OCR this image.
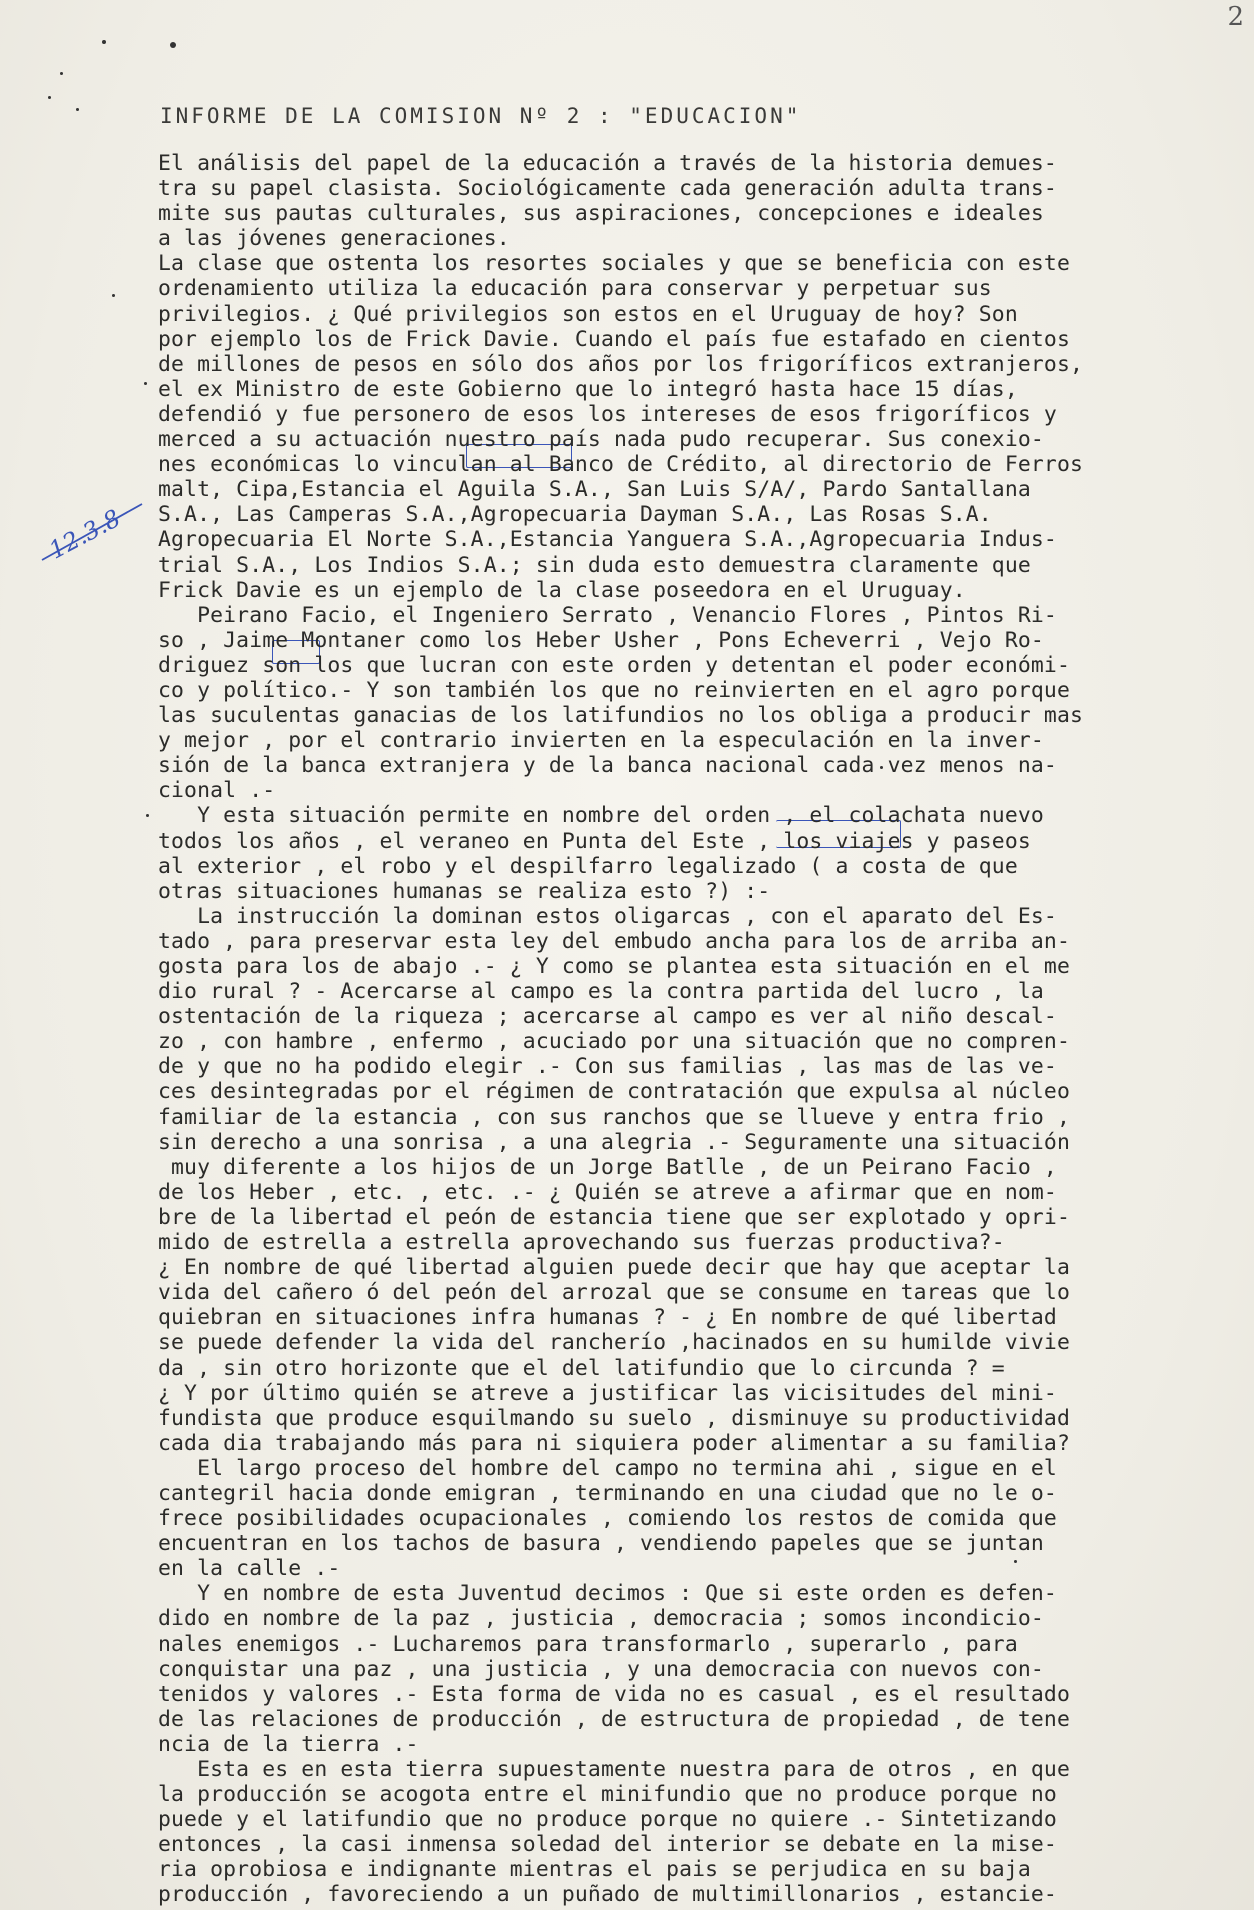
2
INFORME DE LA COMISION Nº 2 : "EDUCACION"
12.3.8
El análisis del papel de la educación a través de la historia demues-
tra su papel clasista. Sociológicamente cada generación adulta trans-
mite sus pautas culturales, sus aspiraciones, concepciones e ideales
a las jóvenes generaciones.
La clase que ostenta los resortes sociales y que se beneficia con este
ordenamiento utiliza la educación para conservar y perpetuar sus
privilegios. ¿ Qué privilegios son estos en el Uruguay de hoy? Son
por ejemplo los de Frick Davie. Cuando el país fue estafado en cientos
de millones de pesos en sólo dos años por los frigoríficos extranjeros,
el ex Ministro de este Gobierno que lo integró hasta hace 15 días,
defendió y fue personero de esos los intereses de esos frigoríficos y
merced a su actuación nuestro país nada pudo recuperar. Sus conexio-
nes económicas lo vinculan al Banco de Crédito, al directorio de Ferros
malt, Cipa,Estancia el Aguila S.A., San Luis S/A/, Pardo Santallana
S.A., Las Camperas S.A.,Agropecuaria Dayman S.A., Las Rosas S.A.
Agropecuaria El Norte S.A.,Estancia Yanguera S.A.,Agropecuaria Indus-
trial S.A., Los Indios S.A.; sin duda esto demuestra claramente que
Frick Davie es un ejemplo de la clase poseedora en el Uruguay.
Peirano Facio, el Ingeniero Serrato , Venancio Flores , Pintos Ri-
so , Jaime Montaner como los Heber Usher , Pons Echeverri , Vejo Ro-
driguez son los que lucran con este orden y detentan el poder económi-
co y político.- Y son también los que no reinvierten en el agro porque
las suculentas ganacias de los latifundios no los obliga a producir mas
y mejor , por el contrario invierten en la especulación en la inver-
sión de la banca extranjera y de la banca nacional cada vez menos na-
cional .-
Y esta situación permite en nombre del orden , el colachata nuevo
todos los años , el veraneo en Punta del Este , los viajes y paseos
al exterior , el robo y el despilfarro legalizado ( a costa de que
otras situaciones humanas se realiza esto ?) :-
La instrucción la dominan estos oligarcas , con el aparato del Es-
tado , para preservar esta ley del embudo ancha para los de arriba an-
gosta para los de abajo .- ¿ Y como se plantea esta situación en el me
dio rural ? - Acercarse al campo es la contra partida del lucro , la
ostentación de la riqueza ; acercarse al campo es ver al niño descal-
zo , con hambre , enfermo , acuciado por una situación que no compren-
de y que no ha podido elegir .- Con sus familias , las mas de las ve-
ces desintegradas por el régimen de contratación que expulsa al núcleo
familiar de la estancia , con sus ranchos que se llueve y entra frio ,
sin derecho a una sonrisa , a una alegria .- Seguramente una situación
muy diferente a los hijos de un Jorge Batlle , de un Peirano Facio ,
de los Heber , etc. , etc. .- ¿ Quién se atreve a afirmar que en nom-
bre de la libertad el peón de estancia tiene que ser explotado y opri-
mido de estrella a estrella aprovechando sus fuerzas productiva?-
¿ En nombre de qué libertad alguien puede decir que hay que aceptar la
vida del cañero ó del peón del arrozal que se consume en tareas que lo
quiebran en situaciones infra humanas ? - ¿ En nombre de qué libertad
se puede defender la vida del rancherío ,hacinados en su humilde vivie
da , sin otro horizonte que el del latifundio que lo circunda ? =
¿ Y por último quién se atreve a justificar las vicisitudes del mini-
fundista que produce esquilmando su suelo , disminuye su productividad
cada dia trabajando más para ni siquiera poder alimentar a su familia?
El largo proceso del hombre del campo no termina ahi , sigue en el
cantegril hacia donde emigran , terminando en una ciudad que no le o-
frece posibilidades ocupacionales , comiendo los restos de comida que
encuentran en los tachos de basura , vendiendo papeles que se juntan
en la calle .-
Y en nombre de esta Juventud decimos : Que si este orden es defen-
dido en nombre de la paz , justicia , democracia ; somos incondicio-
nales enemigos .- Lucharemos para transformarlo , superarlo , para
conquistar una paz , una justicia , y una democracia con nuevos con-
tenidos y valores .- Esta forma de vida no es casual , es el resultado
de las relaciones de producción , de estructura de propiedad , de tene
ncia de la tierra .-
Esta es en esta tierra supuestamente nuestra para de otros , en que
la producción se acogota entre el minifundio que no produce porque no
puede y el latifundio que no produce porque no quiere .- Sintetizando
entonces , la casi inmensa soledad del interior se debate en la mise-
ria oprobiosa e indignante mientras el pais se perjudica en su baja
producción , favoreciendo a un puñado de multimillonarios , estancie-
